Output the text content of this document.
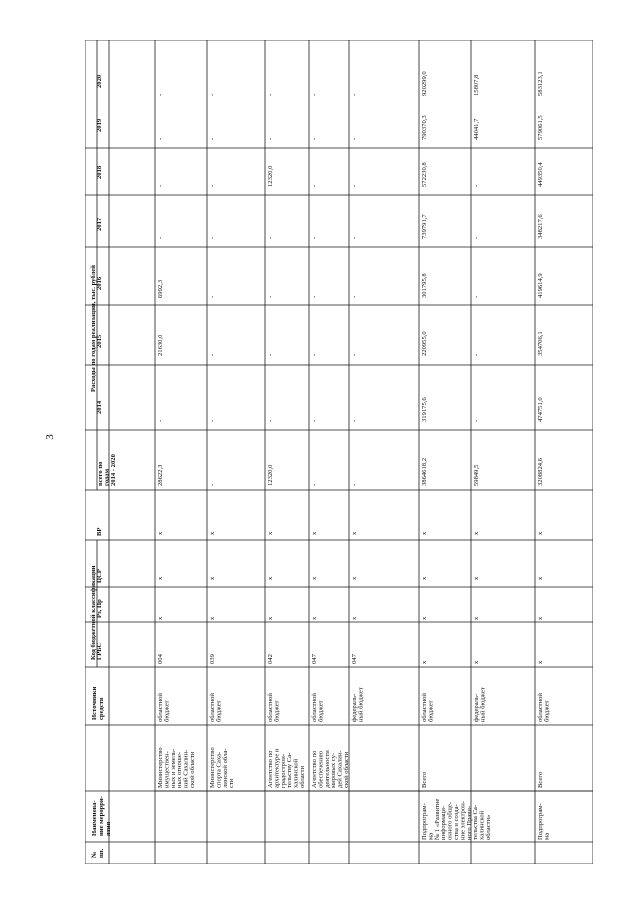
3
№ пп.
Наименова- ние мероpри- ятия
Источники средств
Код бюджетной классификации ГРБС
Рз, Пр
ЦСР
ВР
Расходы по годам реализации, тыс. рублей
всего по годам 2014 - 2020
2014
2015
2016
2017
2018
2019
2020
Министерство имуществен- ных и земель- ных отноше- ний Сахалин- ской области
областной бюджет
004
x
x
x
28622,3
-
21630,0
6992,3
-
-
-
-
Министерство спорта Саха- линской обла- сти
областной бюджет
039
x
x
x
-
-
-
-
-
-
-
-
Агентство по архитектуре и градострои- тельству Са- халинской области
областной бюджет
042
x
x
x
12320,0
-
-
-
-
12320,0
-
-
Агентство по обеспечению деятельности мировых су- дей Сахалин- ской области
областной бюджет
047
x
x
x
-
-
-
-
-
-
-
-
федераль- ный бюджет
047
x
x
x
-
-
-
-
-
-
-
-
Подпрограм- ма № 1 «Развитие информаци- онного обще- ства и созда- ние электрон- ного Прави- тельства Са- халинской области»
Всего
областной бюджет
x
x
x
x
3864618,2
319175,6
220955,0
301795,8
739791,7
572230,8
790370,3
920299,0
федераль- ный бюджет
x
x
x
x
59849,5
-
-
-
-
-
44041,7
15807,8
Подпрограм- ма
Всего
областной бюджет
x
x
x
x
3208824,6
474751,0
354706,1
419614,9
348217,6
449350,4
579061,5
583123,1
